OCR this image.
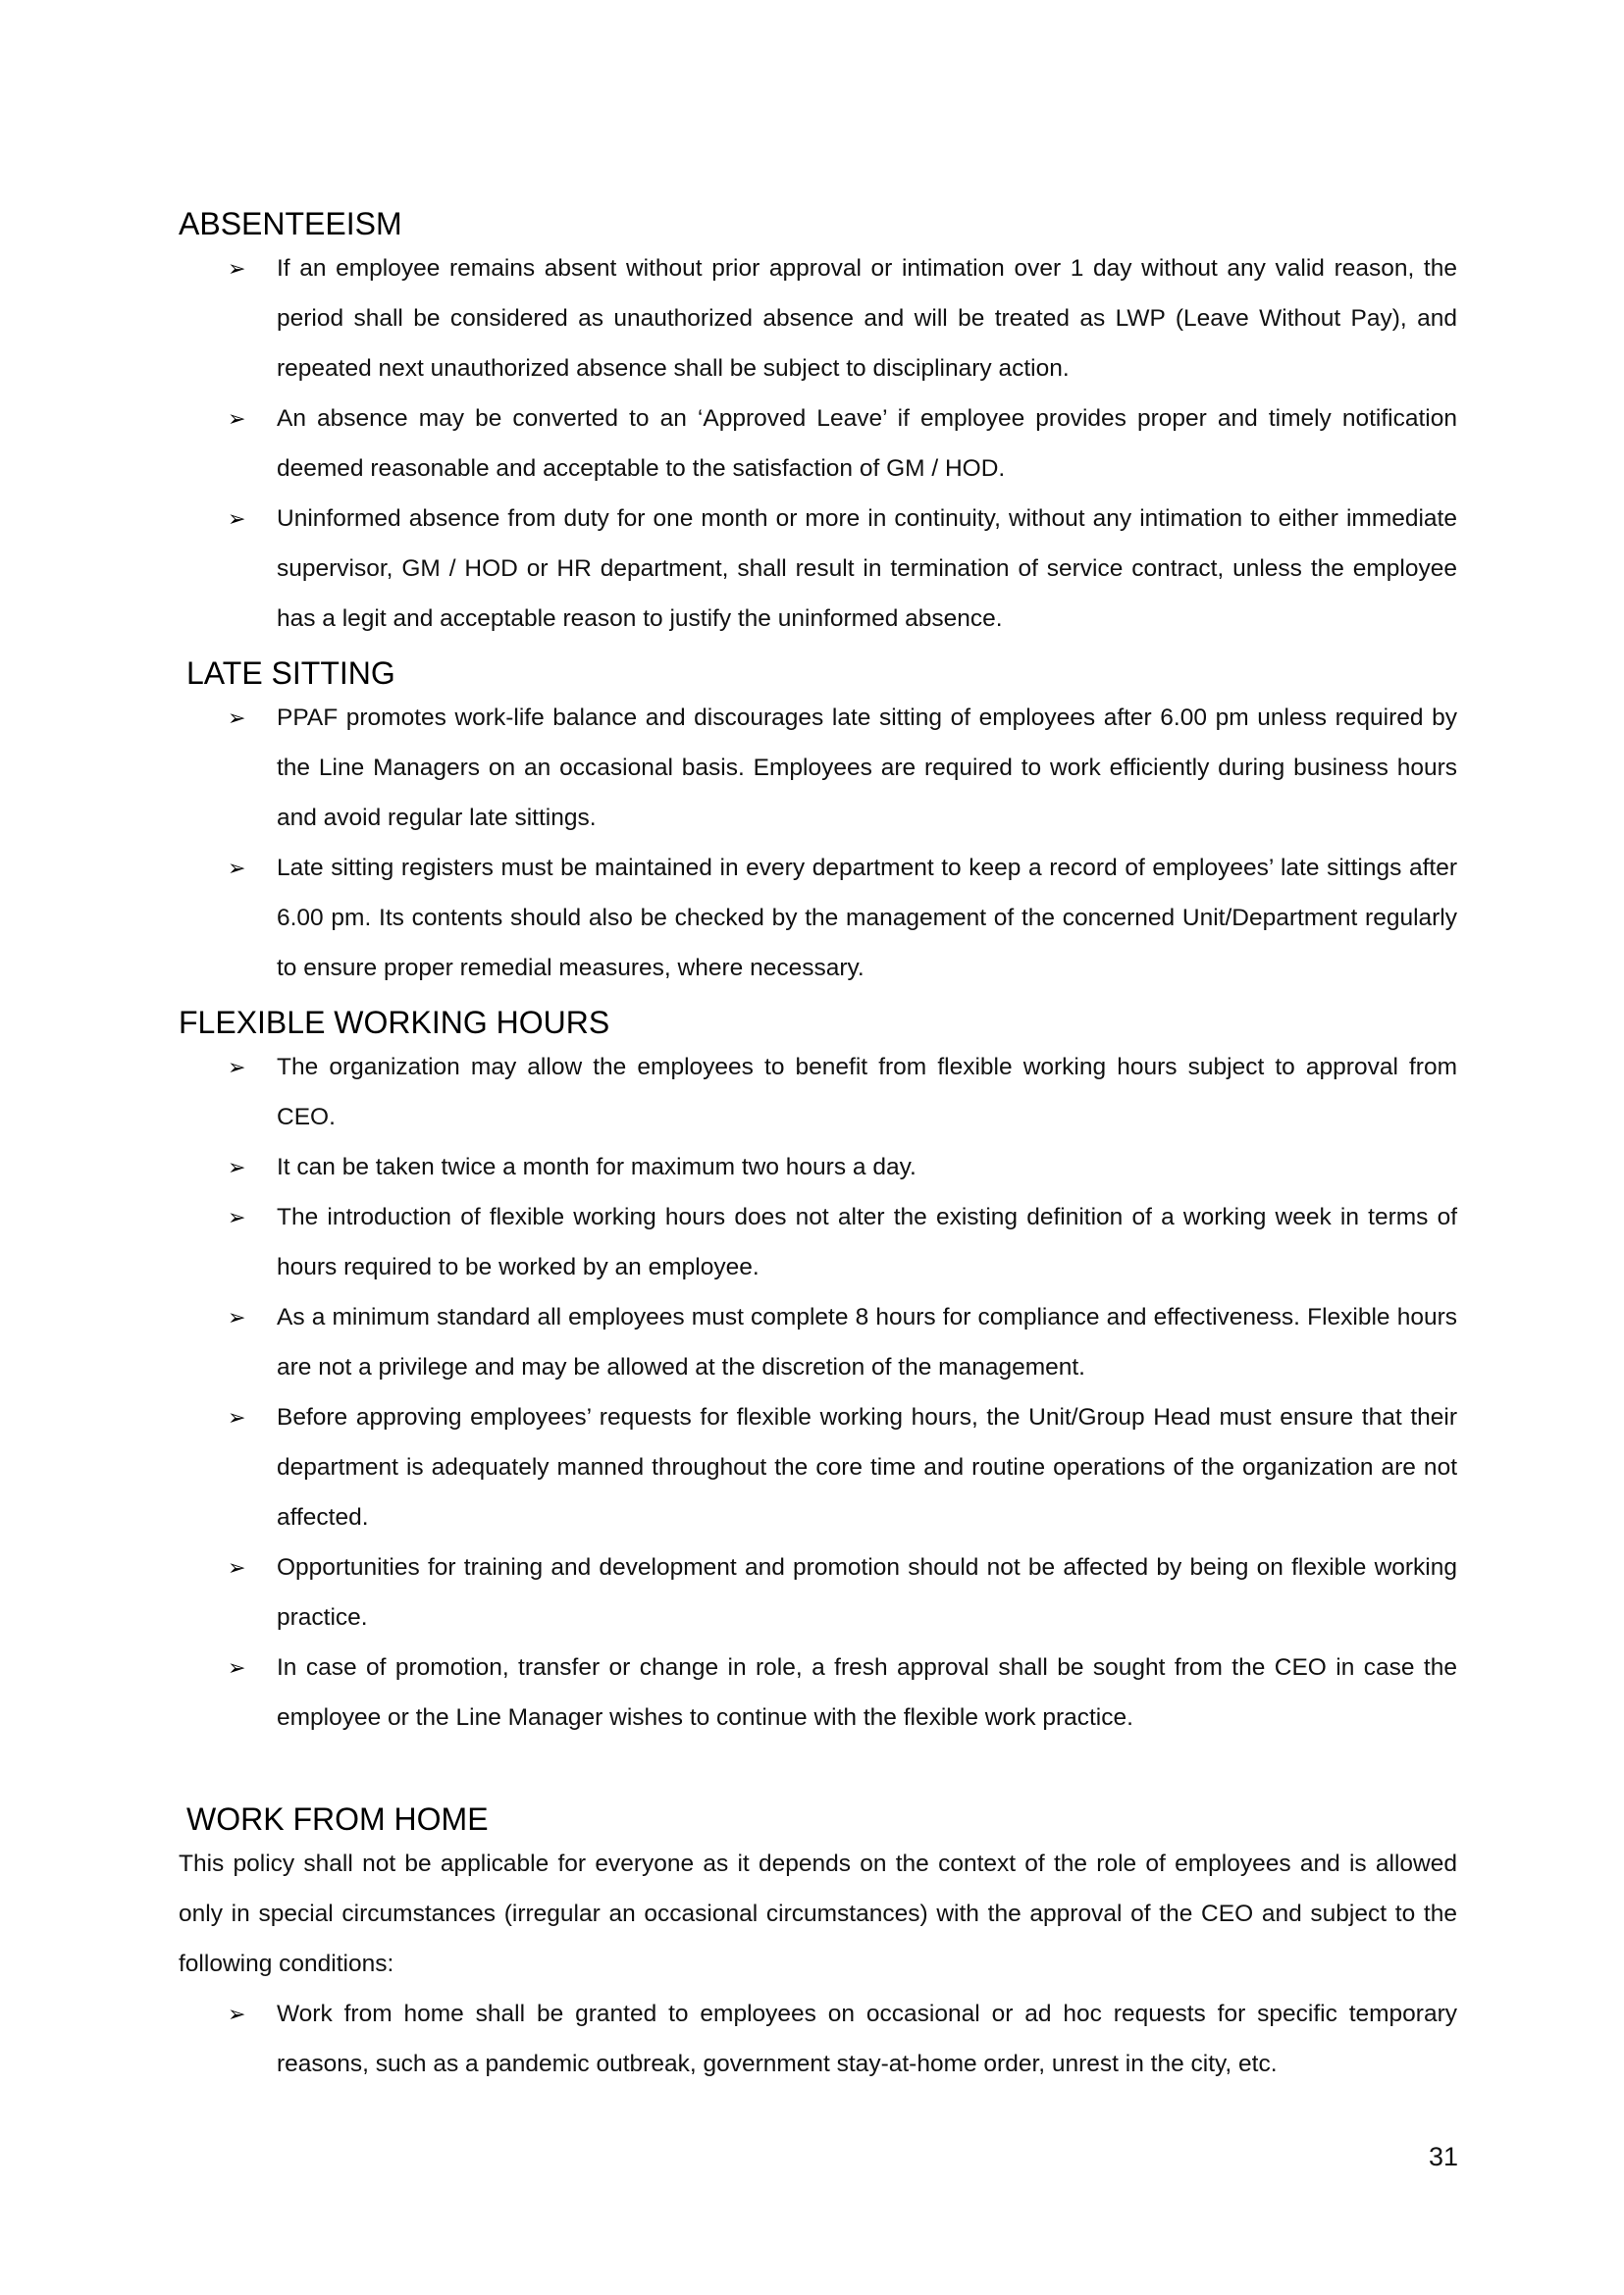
ABSENTEEISM
➢ If an employee remains absent without prior approval or intimation over 1 day without any valid reason, the period shall be considered as unauthorized absence and will be treated as LWP (Leave Without Pay), and repeated next unauthorized absence shall be subject to disciplinary action.
➢ An absence may be converted to an ‘Approved Leave’ if employee provides proper and timely notification deemed reasonable and acceptable to the satisfaction of GM / HOD.
➢ Uninformed absence from duty for one month or more in continuity, without any intimation to either immediate supervisor, GM / HOD or HR department, shall result in termination of service contract, unless the employee has a legit and acceptable reason to justify the uninformed absence.
LATE SITTING
➢ PPAF promotes work-life balance and discourages late sitting of employees after 6.00 pm unless required by the Line Managers on an occasional basis. Employees are required to work efficiently during business hours and avoid regular late sittings.
➢ Late sitting registers must be maintained in every department to keep a record of employees’ late sittings after 6.00 pm. Its contents should also be checked by the management of the concerned Unit/Department regularly to ensure proper remedial measures, where necessary.
FLEXIBLE WORKING HOURS
➢ The organization may allow the employees to benefit from flexible working hours subject to approval from CEO.
➢ It can be taken twice a month for maximum two hours a day.
➢ The introduction of flexible working hours does not alter the existing definition of a working week in terms of hours required to be worked by an employee.
➢ As a minimum standard all employees must complete 8 hours for compliance and effectiveness. Flexible hours are not a privilege and may be allowed at the discretion of the management.
➢ Before approving employees’ requests for flexible working hours, the Unit/Group Head must ensure that their department is adequately manned throughout the core time and routine operations of the organization are not affected.
➢ Opportunities for training and development and promotion should not be affected by being on flexible working practice.
➢ In case of promotion, transfer or change in role, a fresh approval shall be sought from the CEO in case the employee or the Line Manager wishes to continue with the flexible work practice.
WORK FROM HOME

This policy shall not be applicable for everyone as it depends on the context of the role of employees and is allowed only in special circumstances (irregular an occasional circumstances) with the approval of the CEO and subject to the following conditions:

➢ Work from home shall be granted to employees on occasional or ad hoc requests for specific temporary reasons, such as a pandemic outbreak, government stay-at-home order, unrest in the city, etc.
31
